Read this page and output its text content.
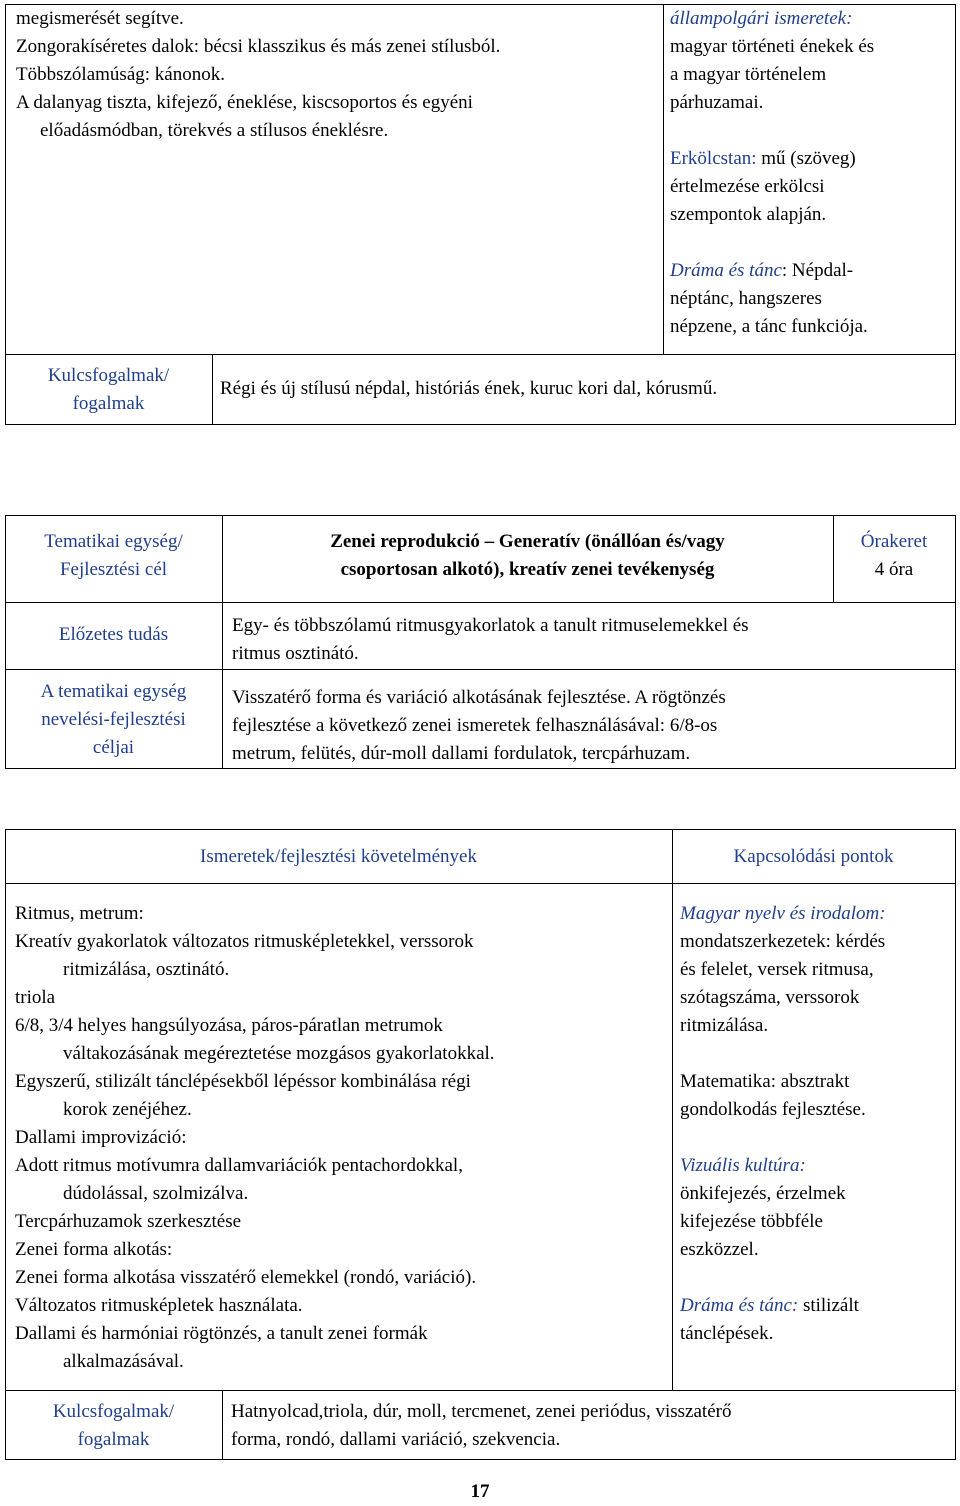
megismerését segítve.
Zongorakíséretes dalok: bécsi klasszikus és más zenei stílusból.
Többszólamúság: kánonok.
A dalanyag tiszta, kifejező, éneklése, kiscsoportos és egyéni
előadásmódban, törekvés a stílusos éneklésre.
állampolgári ismeretek:
magyar történeti énekek és
a magyar történelem
párhuzamai.
Erkölcstan: mű (szöveg)
értelmezése erkölcsi
szempontok alapján.
Dráma és tánc: Népdal-
néptánc, hangszeres
népzene, a tánc funkciója.
Kulcsfogalmak/
fogalmak
Régi és új stílusú népdal, históriás ének, kuruc kori dal, kórusmű.
Tematikai egység/
Fejlesztési cél
Zenei reprodukció – Generatív (önállóan és/vagy
csoportosan alkotó), kreatív zenei tevékenység
Órakeret
4 óra
Előzetes tudás	Egy- és többszólamú ritmusgyakorlatok a tanult ritmuselemekkel és
ritmus osztinátó.
A tematikai egység
nevelési-fejlesztési
céljai
Visszatérő forma és variáció alkotásának fejlesztése. A rögtönzés
fejlesztése a következő zenei ismeretek felhasználásával: 6/8-os
metrum, felütés, dúr-moll dallami fordulatok, tercpárhuzam.
Ismeretek/fejlesztési követelmények	Kapcsolódási pontok
Ritmus, metrum:
Kreatív gyakorlatok változatos ritmusképletekkel, verssorok
ritmizálása, osztinátó.
triola
6/8, 3/4 helyes hangsúlyozása, páros-páratlan metrumok
váltakozásának megéreztetése mozgásos gyakorlatokkal.
Egyszerű, stilizált tánclépésekből lépéssor kombinálása régi
korok zenéjéhez.
Dallami improvizáció:
Adott ritmus motívumra dallamvariációk pentachordokkal,
dúdolással, szolmizálva.
Tercpárhuzamok szerkesztése
Zenei forma alkotás:
Zenei forma alkotása visszatérő elemekkel (rondó, variáció).
Változatos ritmusképletek használata.
Dallami és harmóniai rögtönzés, a tanult zenei formák
alkalmazásával.
Magyar nyelv és irodalom:
mondatszerkezetek: kérdés
és felelet, versek ritmusa,
szótagszáma, verssorok
ritmizálása.
Matematika: absztrakt
gondolkodás fejlesztése.
Vizuális kultúra:
önkifejezés, érzelmek
kifejezése többféle
eszközzel.
Dráma és tánc: stilizált
tánclépések.
Kulcsfogalmak/
fogalmak
Hatnyolcad,triola, dúr, moll, tercmenet, zenei periódus, visszatérő
forma, rondó, dallami variáció, szekvencia.
17
